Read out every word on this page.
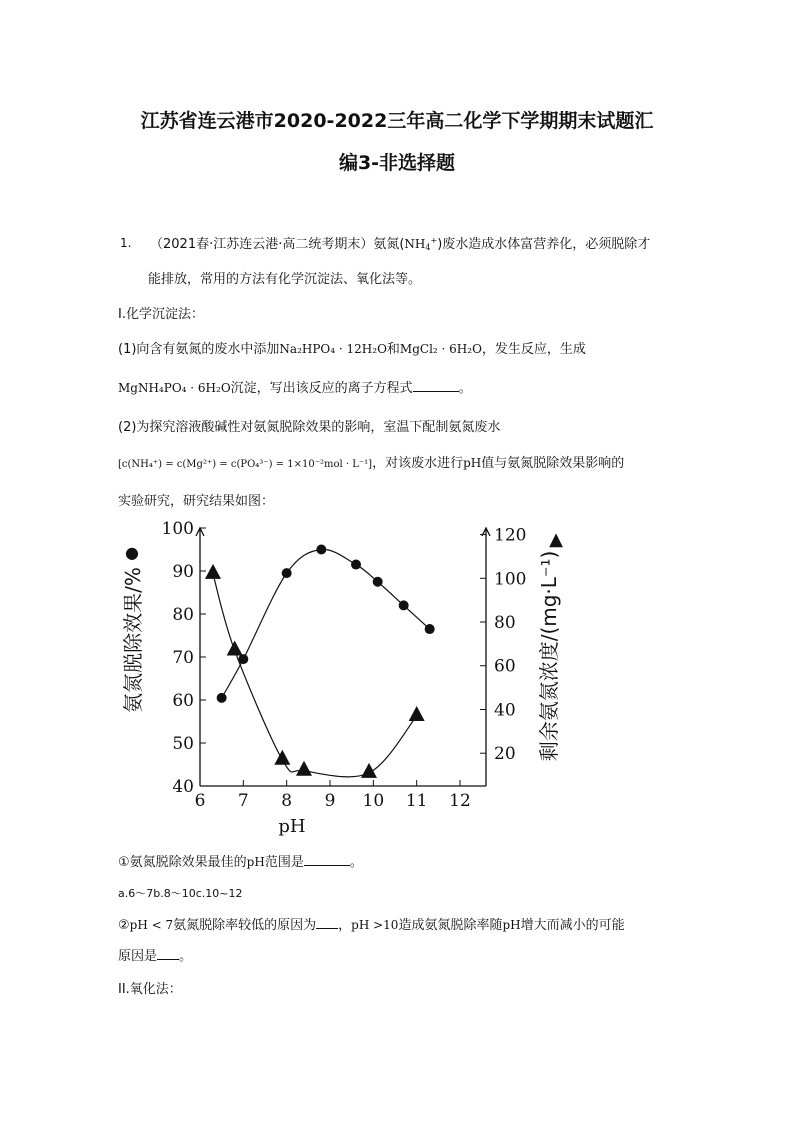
江苏省连云港市2020-2022三年高二化学下学期期末试题汇
编3-非选择题
1. （2021春·江苏连云港·高二统考期末）氨氮$(NH_4^+)$废水造成水体富营养化，必须脱除才
能排放，常用的方法有化学沉淀法、氧化法等。
I.化学沉淀法：
(1)向含有氨氮的废水中添加Na₂HPO₄ · 12H₂O和MgCl₂ · 6H₂O，发生反应，生成
MgNH₄PO₄ · 6H₂O沉淀，写出该反应的离子方程式	。
(2)为探究溶液酸碱性对氨氮脱除效果的影响，室温下配制氨氮废水
[c(NH₄⁺) = c(Mg²⁺) = c(PO₄³⁻) = 1×10⁻²mol · L⁻¹]，对该废水进行pH值与氨氮脱除效果影响的
实验研究，研究结果如图：
6 7 8 9 10 11 12
40
50
60
70
80
90
100
20
40
60
80
100
120
pH
氨氮脱除效果/%
●	剩余氨氮浓度/(mg·L⁻¹)
▲
①氨氮脱除效果最佳的pH范围是	。
a.6～7b.8～10c.10~12
②pH < 7氨氮脱除率较低的原因为 ，pH >10造成氨氮脱除率随pH增大而减小的可能
原因是 。
II.氧化法：
